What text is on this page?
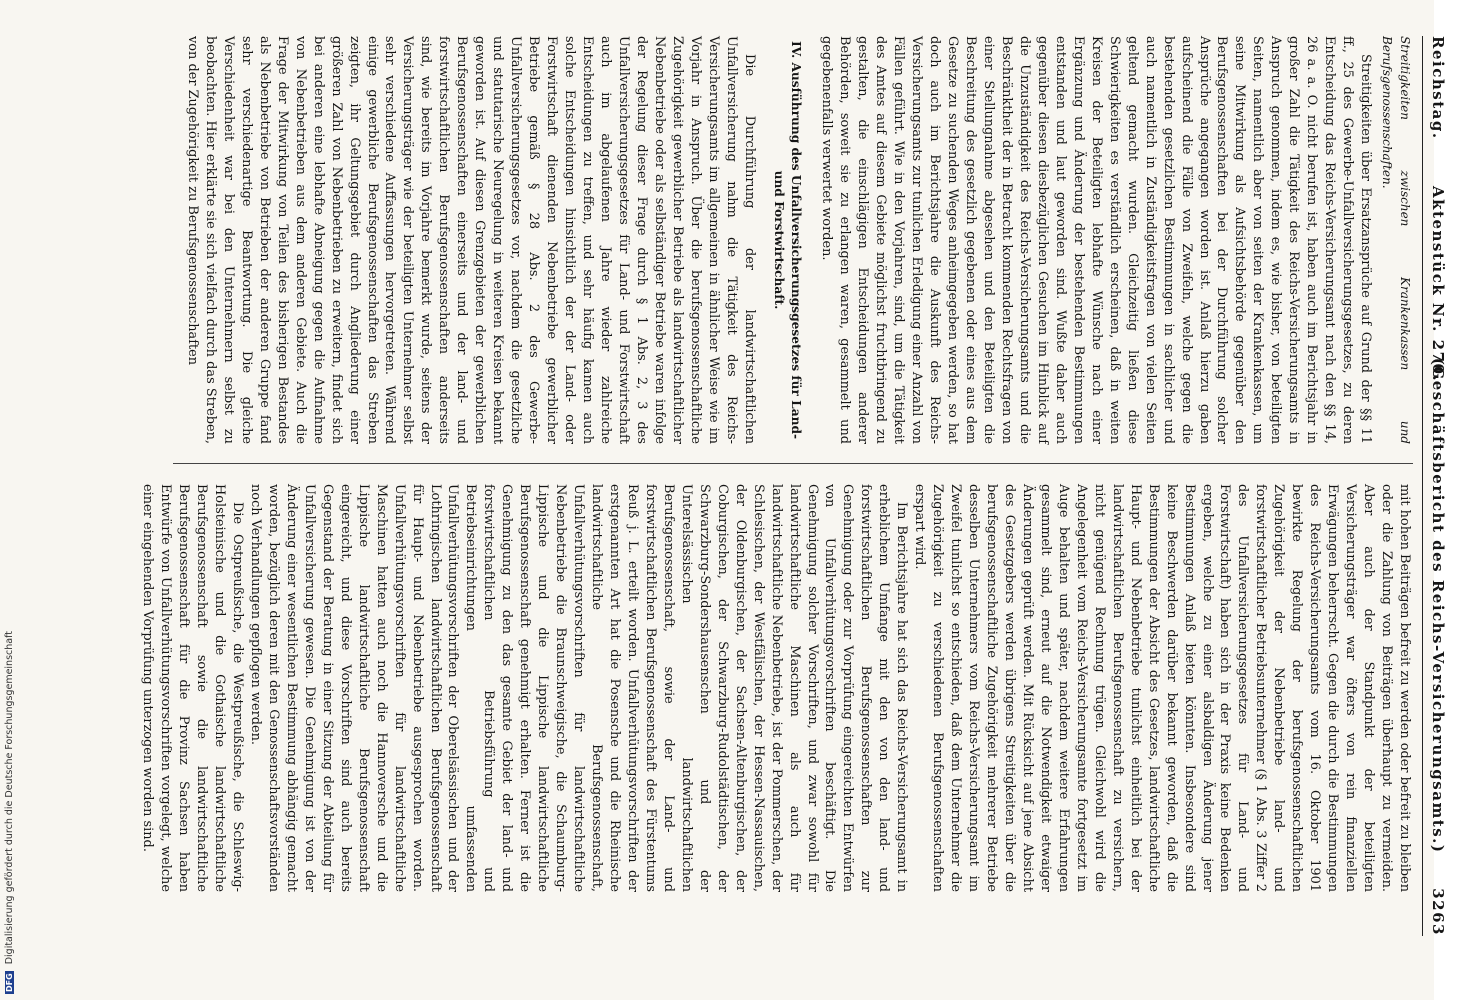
Reichstag.
Aktenstück Nr. 270.
(Geschäftsbericht des Reichs-Versicherungsamts.) 3263

Streitigkeiten zwischen Krankenkassen und Berufsgenossenschaften.

Streitigkeiten über Ersatzansprüche auf Grund der §§ 11 ff., 25 des Gewerbe-Unfallversicherungsgesetzes, zu deren Entscheidung das Reichs-Versicherungsamt nach den §§ 14, 26 a. a. O. nicht berufen ist, haben auch im Berichtsjahr in großer Zahl die Tätigkeit des Reichs-Versicherungsamts in Anspruch genommen, indem es, wie bisher, von beteiligten Seiten, namentlich aber von seiten der Krankenkassen, um seine Mitwirkung als Aufsichtsbehörde gegenüber den Berufsgenossenschaften bei der Durchführung solcher Ansprüche angegangen worden ist. Anlaß hierzu gaben aufscheinend die Fälle von Zweifeln, welche gegen die bestehenden gesetzlichen Bestimmungen in sachlicher und auch namentlich in Zuständigkeitsfragen von vielen Seiten geltend gemacht wurden. Gleichzeitig ließen diese Schwierigkeiten es verständlich erscheinen, daß in weiten Kreisen der Beteiligten lebhafte Wünsche nach einer Ergänzung und Änderung der bestehenden Bestimmungen entstanden und laut geworden sind. Wußte daher auch gegenüber diesen diesbezüglichen Gesuchen im Hinblick auf die Unzuständigkeit des Reichs-Versicherungsamts und die Beschränktheit der in Betracht kommenden Rechtsfragen von einer Stellungnahme abgesehen und den Beteiligten die Beschreitung des gesetzlich gegebenen oder eines aus dem Gesetze zu suchenden Weges anheimgegeben werden, so hat doch auch im Berichtsjahre die Auskunft des Reichs-Versicherungsamts zur tunlichen Erledigung einer Anzahl von Fällen geführt. Wie in den Vorjahren, sind, um die Tätigkeit des Amtes auf diesem Gebiete möglichst fruchtbringend zu gestalten, die einschlägigen Entscheidungen anderer Behörden, soweit sie zu erlangen waren, gesammelt und gegebenenfalls verwertet worden.

IV. Ausführung des Unfallversicherungsgesetzes für Land- und Forstwirtschaft.

Die Durchführung der landwirtschaftlichen Unfallversicherung nahm die Tätigkeit des Reichs-Versicherungsamts im allgemeinen in ähnlicher Weise wie im Vorjahr in Anspruch. Über die berufsgenossenschaftliche Zugehörigkeit gewerblicher Betriebe als landwirtschaftlicher Nebenbetriebe oder als selbständiger Betriebe waren infolge der Regelung dieser Frage durch § 1 Abs. 2, 3 des Unfallversicherungsgesetzes für Land- und Forstwirtschaft auch im abgelaufenen Jahre wieder zahlreiche Entscheidungen zu treffen, und sehr häufig kamen auch solche Entscheidungen hinsichtlich der der Land- oder Forstwirtschaft dienenden Nebenbetriebe gewerblicher Betriebe gemäß § 28 Abs. 2 des Gewerbe-Unfallversicherungsgesetzes vor, nachdem die gesetzliche und statutarische Neuregelung in weiteren Kreisen bekannt geworden ist. Auf diesen Grenzgebieten der gewerblichen Berufsgenossenschaften einerseits und der land- und forstwirtschaftlichen Berufsgenossenschaften anderseits sind, wie bereits im Vorjahre bemerkt wurde, seitens der Versicherungsträger wie der beteiligten Unternehmer selbst sehr verschiedene Auffassungen hervorgetreten. Während einige gewerbliche Berufsgenossenschaften das Streben zeigten, ihr Geltungsgebiet durch Angliederung einer größeren Zahl von Nebenbetrieben zu erweitern, findet sich bei anderen eine lebhafte Abneigung gegen die Aufnahme von Nebenbetrieben aus dem anderen Gebiete. Auch die Frage der Mitwirkung von Teilen des bisherigen Bestandes als Nebenbetriebe von Betrieben der anderen Gruppe fand sehr verschiedenartige Beantwortung. Die gleiche Verschiedenheit war bei den Unternehmern selbst zu beobachten. Hier erklärte sie sich vielfach durch das Streben, von der Zugehörigkeit zu Berufsgenossenschaften

mit hohen Beiträgen befreit zu werden oder befreit zu bleiben oder die Zahlung von Beiträgen überhaupt zu vermeiden. Aber auch der Standpunkt der beteiligten Versicherungsträger war öfters von rein finanziellen Erwägungen beherrscht. Gegen die durch die Bestimmungen des Reichs-Versicherungsamts vom 16. Oktober 1901 bewirkte Regelung der berufsgenossenschaftlichen Zugehörigkeit der Nebenbetriebe land- und forstwirtschaftlicher Betriebsunternehmer (§ 1 Abs. 3 Ziffer 2 des Unfallversicherungsgesetzes für Land- und Forstwirtschaft) haben sich in der Praxis keine Bedenken ergeben, welche zu einer alsbaldigen Änderung jener Bestimmungen Anlaß bieten könnten. Insbesondere sind keine Beschwerden darüber bekannt geworden, daß die Bestimmungen der Absicht des Gesetzes, landwirtschaftliche Haupt- und Nebenbetriebe tunlichst einheitlich bei der landwirtschaftlichen Berufsgenossenschaft zu versichern, nicht genügend Rechnung trügen. Gleichwohl wird die Angelegenheit vom Reichs-Versicherungsamte fortgesetzt im Auge behalten und später, nachdem weitere Erfahrungen gesammelt sind, erneut auf die Notwendigkeit etwaiger Änderungen geprüft werden. Mit Rücksicht auf jene Absicht des Gesetzgebers werden übrigens Streitigkeiten über die berufsgenossenschaftliche Zugehörigkeit mehrerer Betriebe desselben Unternehmers vom Reichs-Versicherungsamt im Zweifel tunlichst so entschieden, daß dem Unternehmer die Zugehörigkeit zu verschiedenen Berufsgenossenschaften erspart wird.

Im Berichtsjahre hat sich das Reichs-Versicherungsamt in erheblichem Umfange mit den von den land- und forstwirtschaftlichen Berufsgenossenschaften zur Genehmigung oder zur Vorprüfung eingereichten Entwürfen von Unfallverhütungsvorschriften beschäftigt. Die Genehmigung solcher Vorschriften, und zwar sowohl für landwirtschaftliche Maschinen als auch für landwirtschaftliche Nebenbetriebe, ist der Pommerschen, der Schlesischen, der Westfälischen, der Hessen-Nassauischen, der Oldenburgischen, der Sachsen-Altenburgischen, der Coburgischen, der Schwarzburg-Rudolstädtischen, der Schwarzburg-Sondershausenschen und der Unterelsässischen landwirtschaftlichen Berufsgenossenschaft, sowie der Land- und forstwirtschaftlichen Berufsgenossenschaft des Fürstentums Reuß j. L. erteilt worden. Unfallverhütungsvorschriften der erstgenannten Art hat die Posensche und die Rheinische landwirtschaftliche Berufsgenossenschaft, Unfallverhütungsvorschriften für landwirtschaftliche Nebenbetriebe die Braunschweigische, die Schaumburg-Lippische und die Lippische landwirtschaftliche Berufsgenossenschaft genehmigt erhalten. Ferner ist die Genehmigung zu den das gesamte Gebiet der land- und forstwirtschaftlichen Betriebsführung und Betriebseinrichtungen umfassenden Unfallverhütungsvorschriften der Oberelsässischen und der Lothringischen landwirtschaftlichen Berufsgenossenschaft für Haupt- und Nebenbetriebe ausgesprochen worden. Unfallverhütungsvorschriften für landwirtschaftliche Maschinen hatten auch noch die Hannoversche und die Lippische landwirtschaftliche Berufsgenossenschaft eingereicht, und diese Vorschriften sind auch bereits Gegenstand der Beratung in einer Sitzung der Abteilung für Unfallversicherung gewesen. Die Genehmigung ist von der Änderung einer wesentlichen Bestimmung abhängig gemacht worden, bezüglich deren mit den Genossenschaftsvorständen noch Verhandlungen gepflogen werden.

Die Ostpreußische, die Westpreußische, die Schleswig-Holsteinische und die Gothaische landwirtschaftliche Berufsgenossenschaft sowie die landwirtschaftliche Berufsgenossenschaft für die Provinz Sachsen haben Entwürfe von Unfallverhütungsvorschriften vorgelegt, welche einer eingehenden Vorprüfung unterzogen worden sind.

DFG Digitalisierung gefördert durch die Deutsche Forschungsgemeinschaft
